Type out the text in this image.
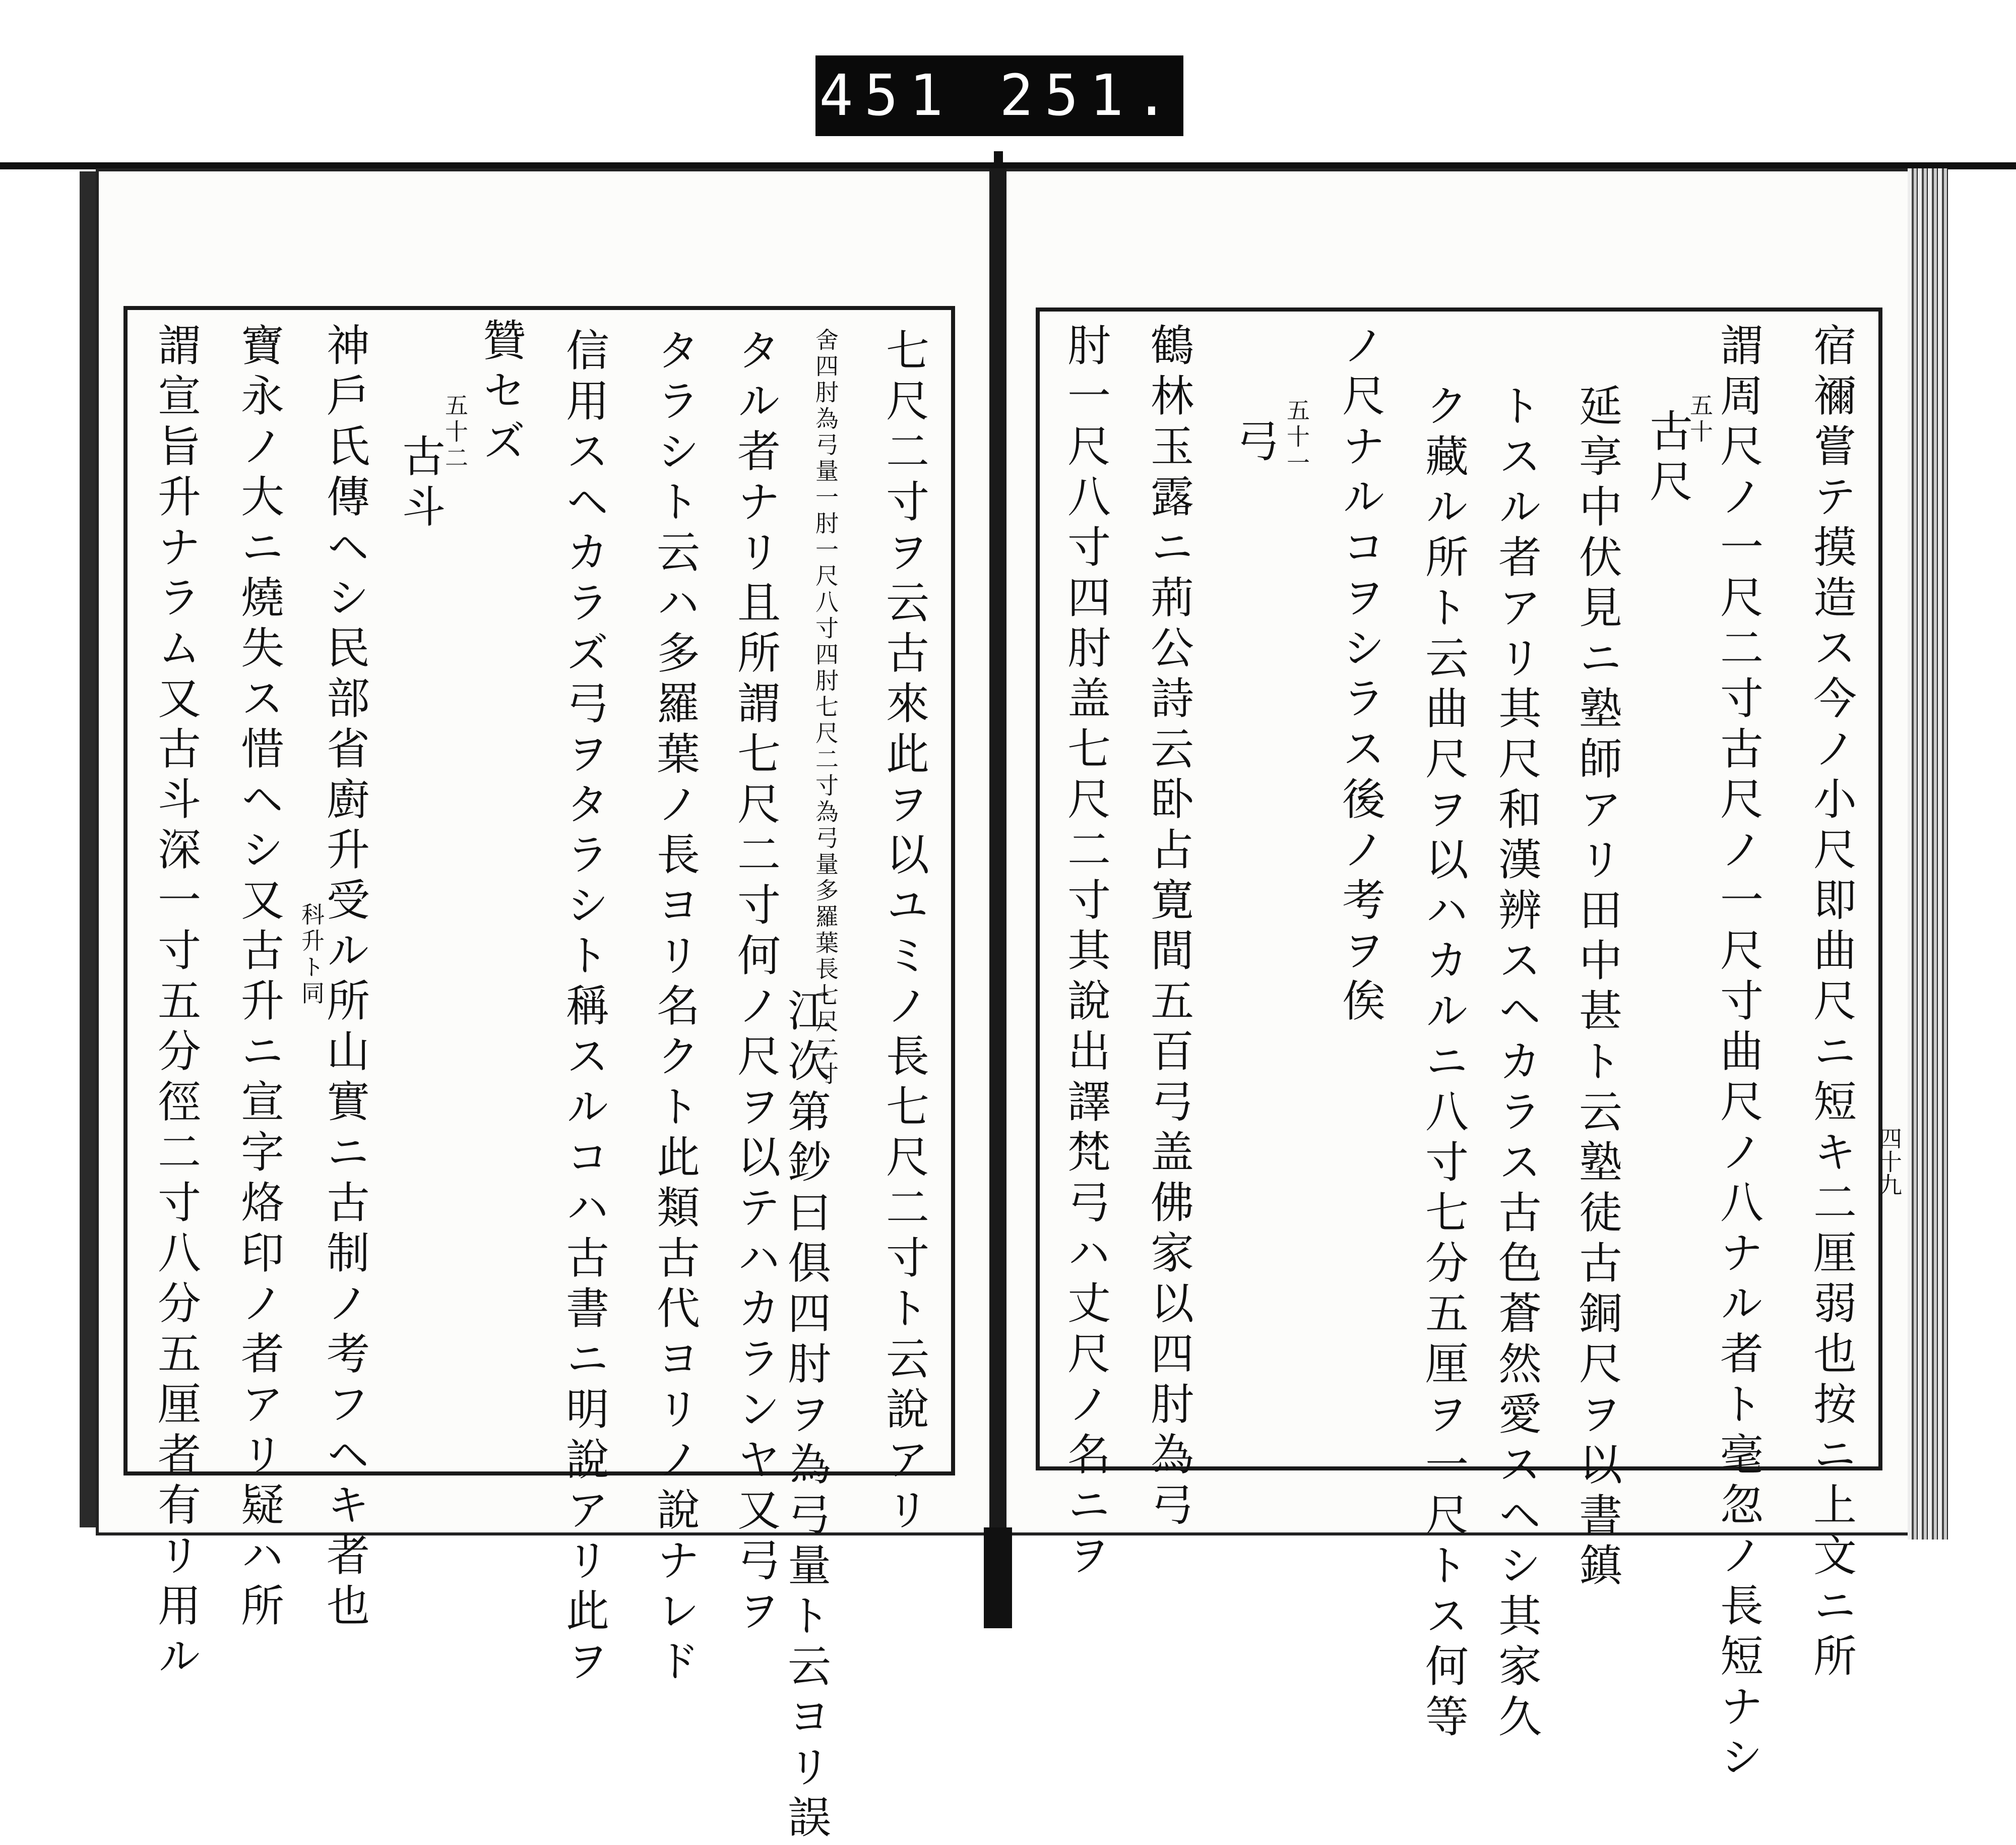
451 251.
宿禰嘗テ摸造ス今ノ小尺即曲尺ニ短キ二厘弱也按ニ上文ニ所
謂周尺ノ一尺二寸古尺ノ一尺寸曲尺ノ八ナル者ト毫忽ノ長短ナシ
五十
古尺
延享中伏見ニ塾師アリ田中甚ト云塾徒古銅尺ヲ以書鎮
トスル者アリ其尺和漢辨スヘカラス古色蒼然愛スヘシ其家久
ク藏ル所ト云曲尺ヲ以ハカルニ八寸七分五厘ヲ一尺トス何等
ノ尺ナルコヲシラス後ノ考ヲ俟
五十一
弓
鶴林玉露ニ荊公詩云卧占寛間五百弓盖佛家以四肘為弓
肘一尺八寸四肘盖七尺二寸其說出譯梵弓ハ丈尺ノ名ニヲ	四十九
七尺二寸ヲ云古來此ヲ以ユミノ長七尺二寸ト云說アリ
舍四肘為弓量一肘一尺八寸四肘七尺二寸為弓量多羅葉長七尺二寸
江次第鈔曰俱四肘ヲ為弓量ト云ヨリ誤
タル者ナリ且所謂七尺二寸何ノ尺ヲ以テハカランヤ又弓ヲ
タラシト云ハ多羅葉ノ長ヨリ名クト此類古代ヨリノ說ナレド
信用スヘカラズ弓ヲタラシト稱スルコハ古書ニ明說アリ此ヲ
贊セズ
五十二
古斗
神戶氏傳ヘシ民部省廚升受ル所山實ニ古制ノ考フヘキ者也
科升ト同
寶永ノ大ニ燒失ス惜ヘシ又古升ニ宣字烙印ノ者アリ疑ハ所
謂宣旨升ナラム又古斗深一寸五分徑二寸八分五厘者有リ用ル
